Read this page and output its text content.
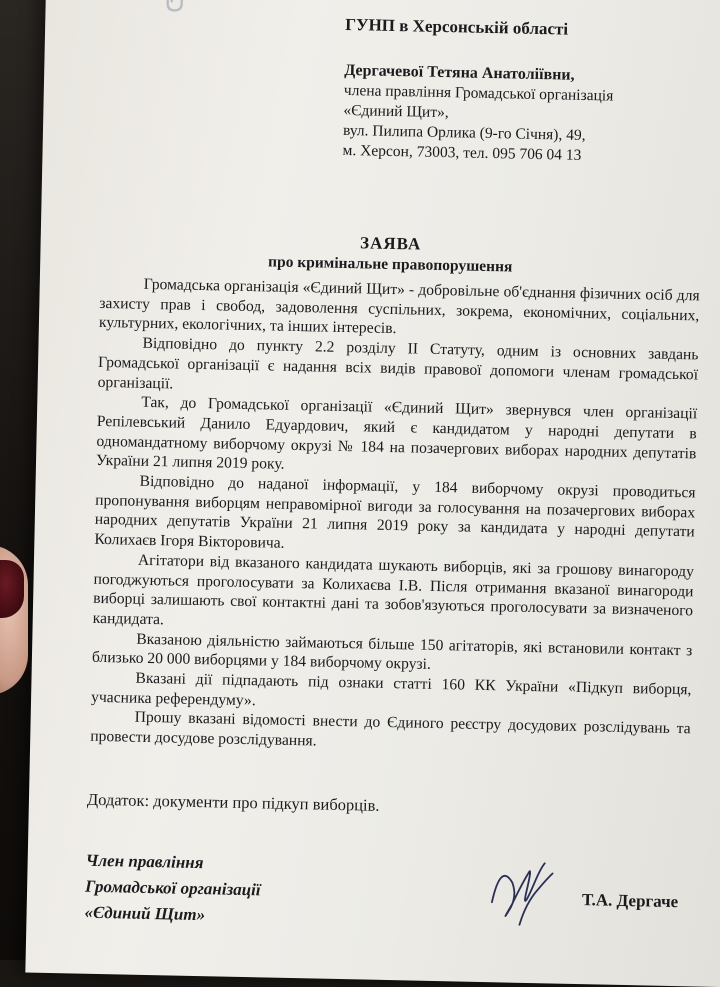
ГУНП в Херсонській області
Дергачевої Тетяна Анатоліївни,
члена правління Громадської організація
«Єдиний Щит»,
вул. Пилипа Орлика (9-го Січня), 49,
м. Херсон, 73003, тел. 095 706 04 13
ЗАЯВА
про кримінальне правопорушення

Громадська організація «Єдиний Щит» - добровільне об'єднання фізичних осіб для захисту прав і свобод, задоволення суспільних, зокрема, економічних, соціальних, культурних, екологічних, та інших інтересів.

Відповідно до пункту 2.2 розділу ІІ Статуту, одним із основних завдань Громадської організації є надання всіх видів правової допомоги членам громадської організації.

Так, до Громадської організації «Єдиний Щит» звернувся член організації Репілевський Данило Едуардович, який є кандидатом у народні депутати в одномандатному виборчому окрузі № 184 на позачергових виборах народних депутатів України 21 липня 2019 року.

Відповідно до наданої інформації, у 184 виборчому окрузі проводиться пропонування виборцям неправомірної вигоди за голосування на позачергових виборах народних депутатів України 21 липня 2019 року за кандидата у народні депутати Колихаєв Ігоря Вікторовича.

Агітатори від вказаного кандидата шукають виборців, які за грошову винагороду погоджуються проголосувати за Колихаєва І.В. Після отримання вказаної винагороди виборці залишають свої контактні дані та зобов'язуються проголосувати за визначеного кандидата.

Вказаною діяльністю займаються більше 150 агітаторів, які встановили контакт з близько 20 000 виборцями у 184 виборчому окрузі.

Вказані дії підпадають під ознаки статті 160 КК України «Підкуп виборця, учасника референдуму».

Прошу вказані відомості внести до Єдиного реєстру досудових розслідувань та провести досудове розслідування.

Додаток: документи про підкуп виборців.
Член правління
Громадської організації
«Єдиний Щит»
Т.А. Дергаче
